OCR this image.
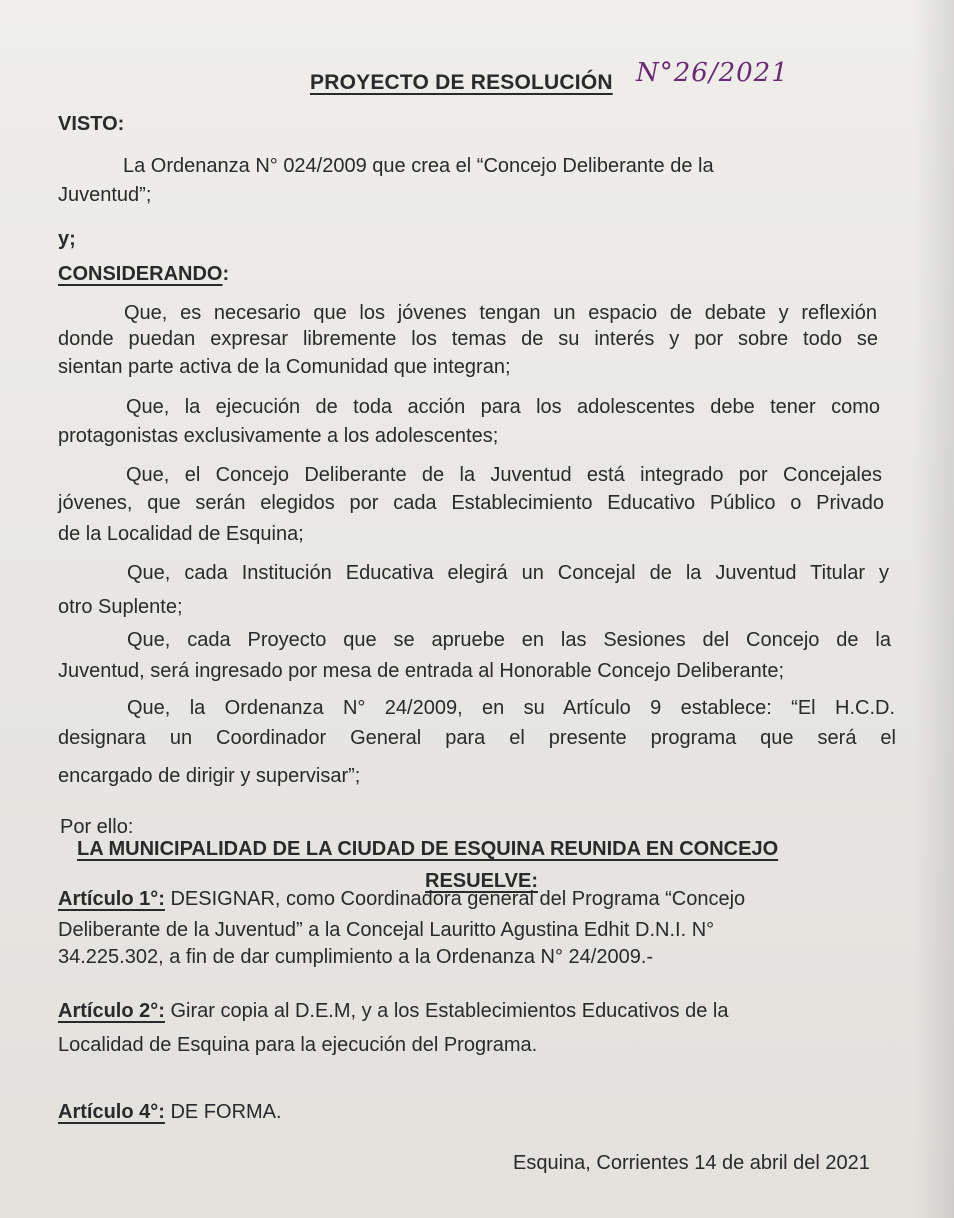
PROYECTO DE RESOLUCIÓN N°26/2021
VISTO:
La Ordenanza N° 024/2009 que crea el “Concejo Deliberante de la
Juventud”;
y;
CONSIDERANDO:
Que, es necesario que los jóvenes tengan un espacio de debate y reflexión
donde puedan expresar libremente los temas de su interés y por sobre todo se
sientan parte activa de la Comunidad que integran;
Que, la ejecución de toda acción para los adolescentes debe tener como
protagonistas exclusivamente a los adolescentes;
Que, el Concejo Deliberante de la Juventud está integrado por Concejales
jóvenes, que serán elegidos por cada Establecimiento Educativo Público o Privado
de la Localidad de Esquina;
Que, cada Institución Educativa elegirá un Concejal de la Juventud Titular y
otro Suplente;
Que, cada Proyecto que se apruebe en las Sesiones del Concejo de la
Juventud, será ingresado por mesa de entrada al Honorable Concejo Deliberante;
Que, la Ordenanza N° 24/2009, en su Artículo 9 establece: “El H.C.D.
designara un Coordinador General para el presente programa que será el
encargado de dirigir y supervisar”;
Por ello:
LA MUNICIPALIDAD DE LA CIUDAD DE ESQUINA REUNIDA EN CONCEJO
RESUELVE:
Artículo 1°: DESIGNAR, como Coordinadora general del Programa “Concejo
Deliberante de la Juventud” a la Concejal Lauritto Agustina Edhit D.N.I. N°
34.225.302, a fin de dar cumplimiento a la Ordenanza N° 24/2009.-
Artículo 2°: Girar copia al D.E.M, y a los Establecimientos Educativos de la
Localidad de Esquina para la ejecución del Programa.
Artículo 4°: DE FORMA.
Esquina, Corrientes 14 de abril del 2021
